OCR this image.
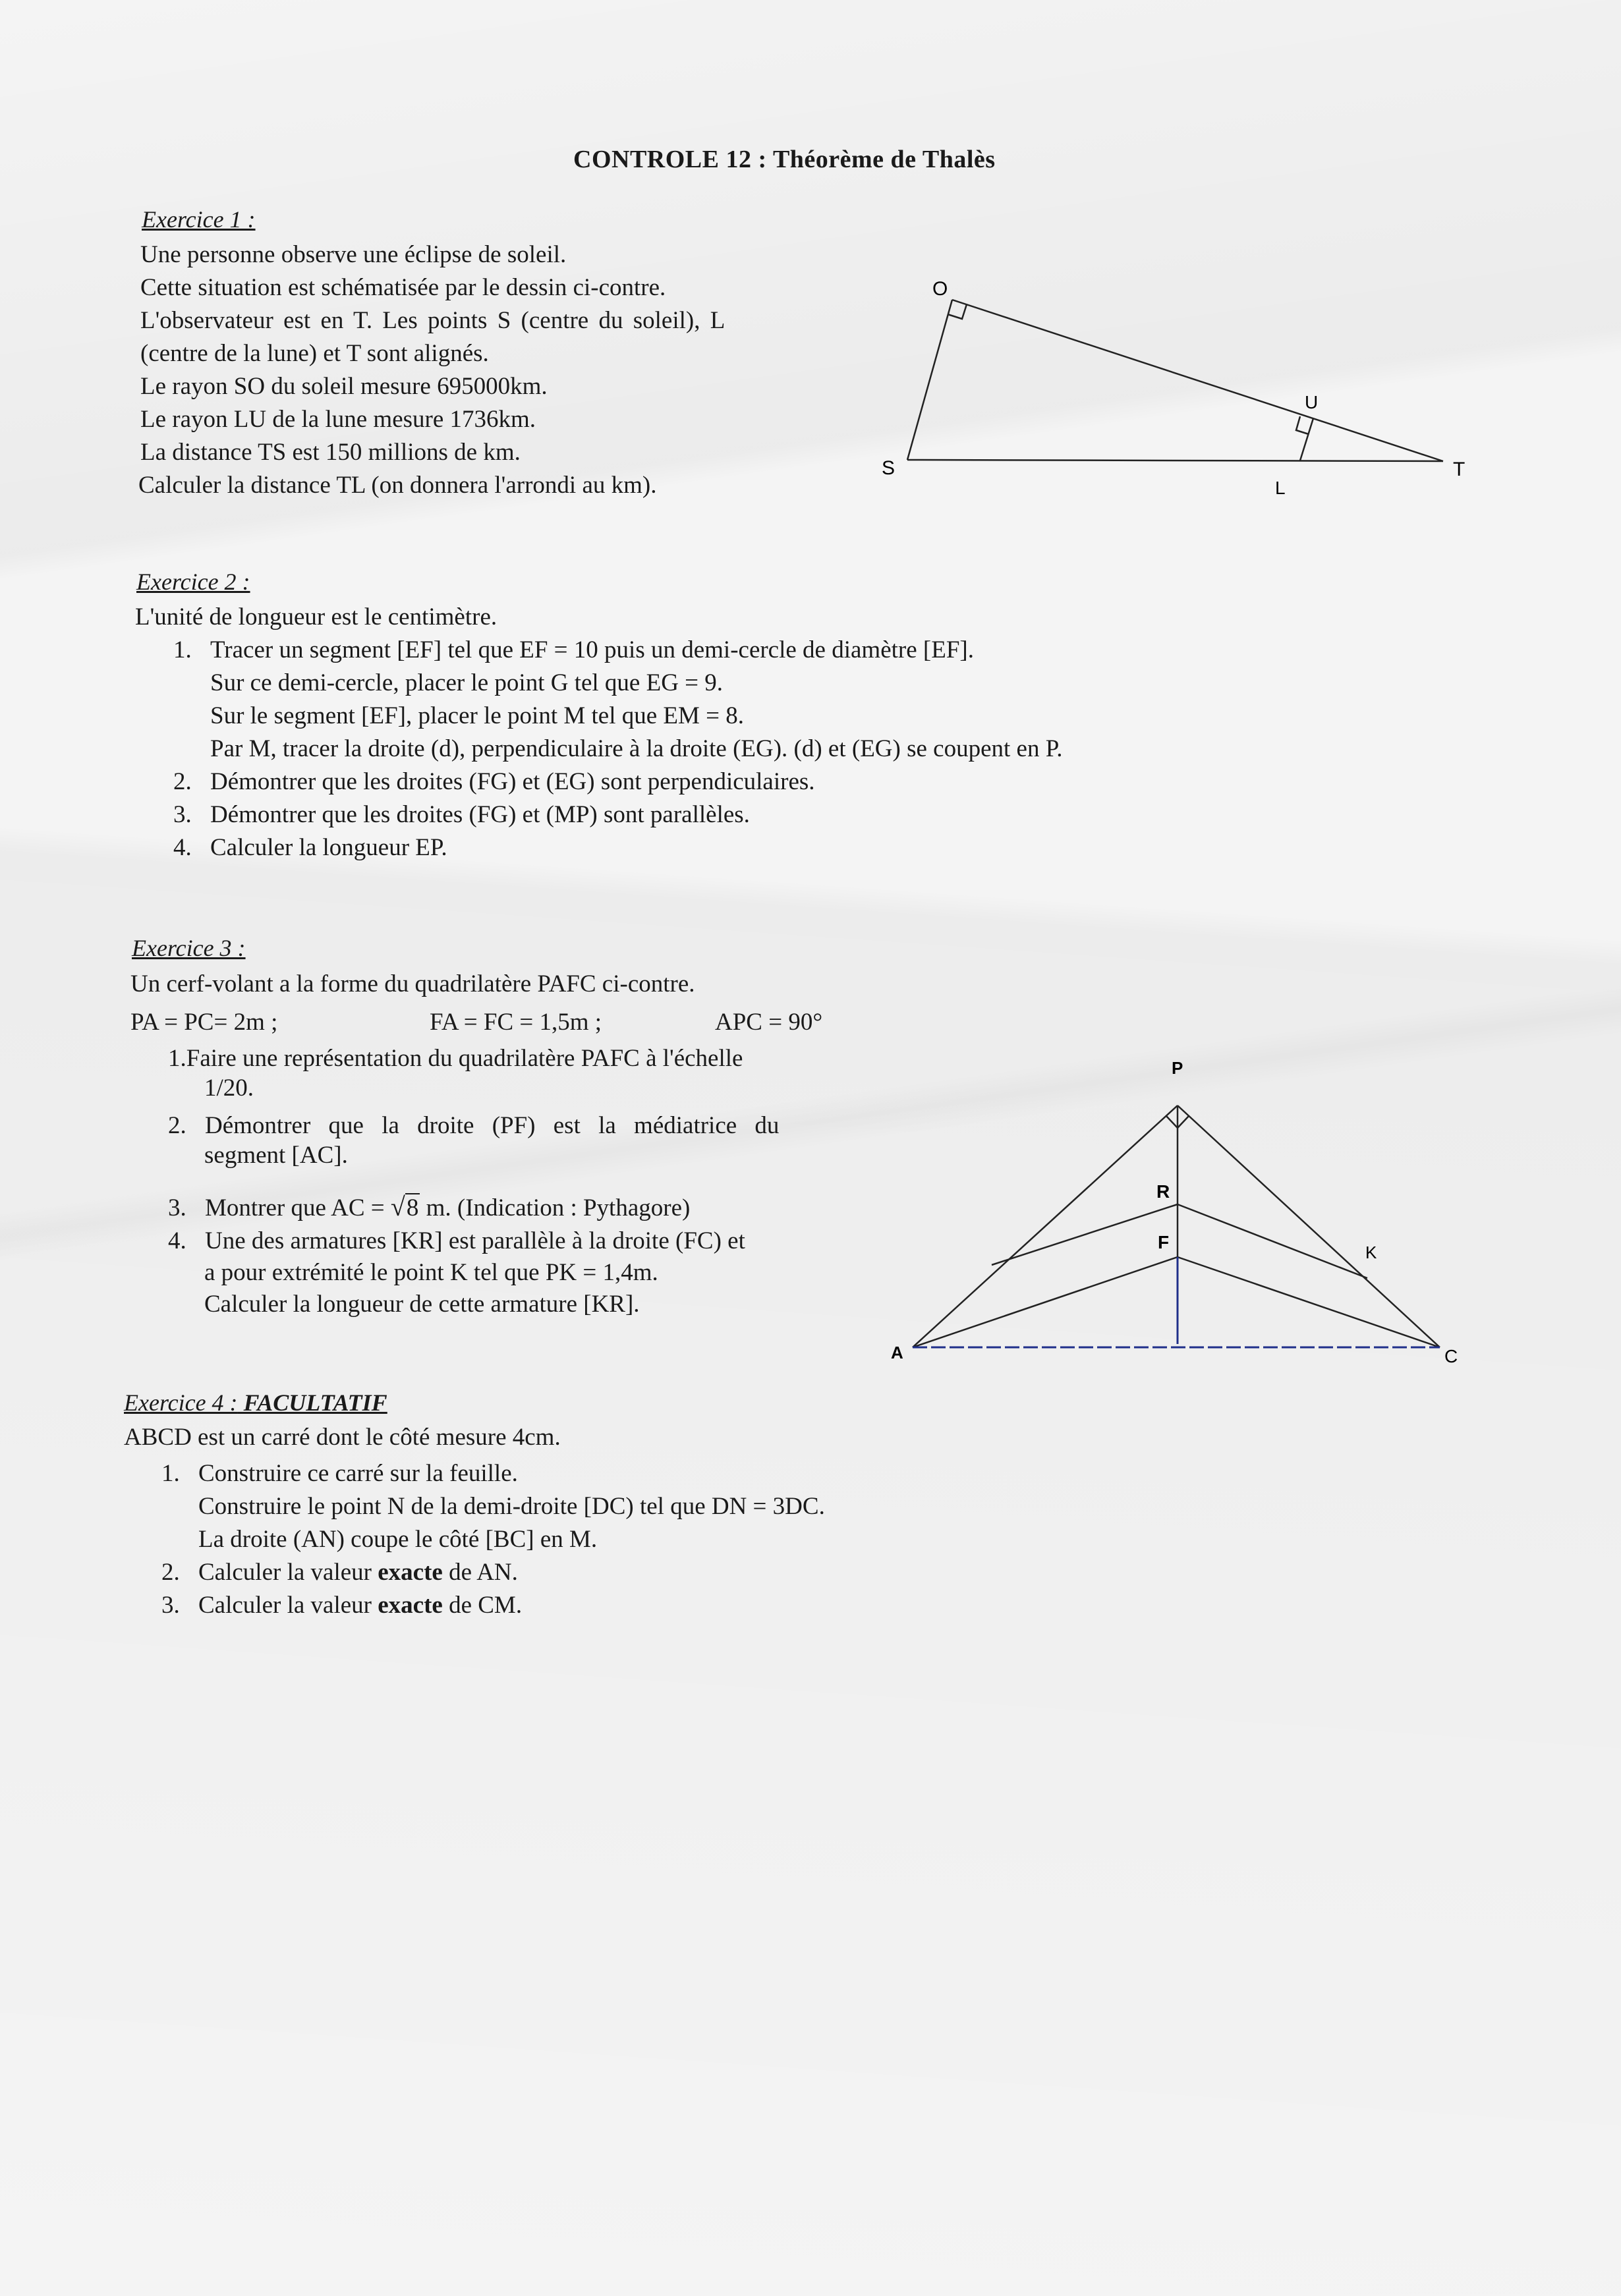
CONTROLE 12 : Théorème de Thalès
Exercice 1 :
Une personne observe une éclipse de soleil.
Cette situation est schématisée par le dessin ci-contre.
L'observateur est en T. Les points S (centre du soleil), L
(centre de la lune) et T sont alignés.
Le rayon SO du soleil mesure 695000km.
Le rayon LU de la lune mesure 1736km.
La distance TS est 150 millions de km.
Calculer la distance TL (on donnera l'arrondi au km).
O
S
U
L
T
Exercice 2 :
L'unité de longueur est le centimètre.
1. Tracer un segment [EF] tel que EF = 10 puis un demi-cercle de diamètre [EF].
Sur ce demi-cercle, placer le point G tel que EG = 9.
Sur le segment [EF], placer le point M tel que EM = 8.
Par M, tracer la droite (d), perpendiculaire à la droite (EG). (d) et (EG) se coupent en P.
2. Démontrer que les droites (FG) et (EG) sont perpendiculaires.
3. Démontrer que les droites (FG) et (MP) sont parallèles.
4. Calculer la longueur EP.
Exercice 3 :
Un cerf-volant a la forme du quadrilatère PAFC ci-contre.
PA = PC= 2m ;	FA = FC = 1,5m ;	APC = 90°
1.Faire une représentation du quadrilatère PAFC à l'échelle
1/20.
2. Démontrer que la droite (PF) est la médiatrice du
segment [AC].
3. Montrer que AC = √8 m. (Indication : Pythagore)
4. Une des armatures [KR] est parallèle à la droite (FC) et
a pour extrémité le point K tel que PK = 1,4m.
Calculer la longueur de cette armature [KR].
P
R
F	K
A	C
Exercice 4 : FACULTATIF
ABCD est un carré dont le côté mesure 4cm.
1. Construire ce carré sur la feuille.
Construire le point N de la demi-droite [DC) tel que DN = 3DC.
La droite (AN) coupe le côté [BC] en M.
2. Calculer la valeur exacte de AN.
3. Calculer la valeur exacte de CM.
